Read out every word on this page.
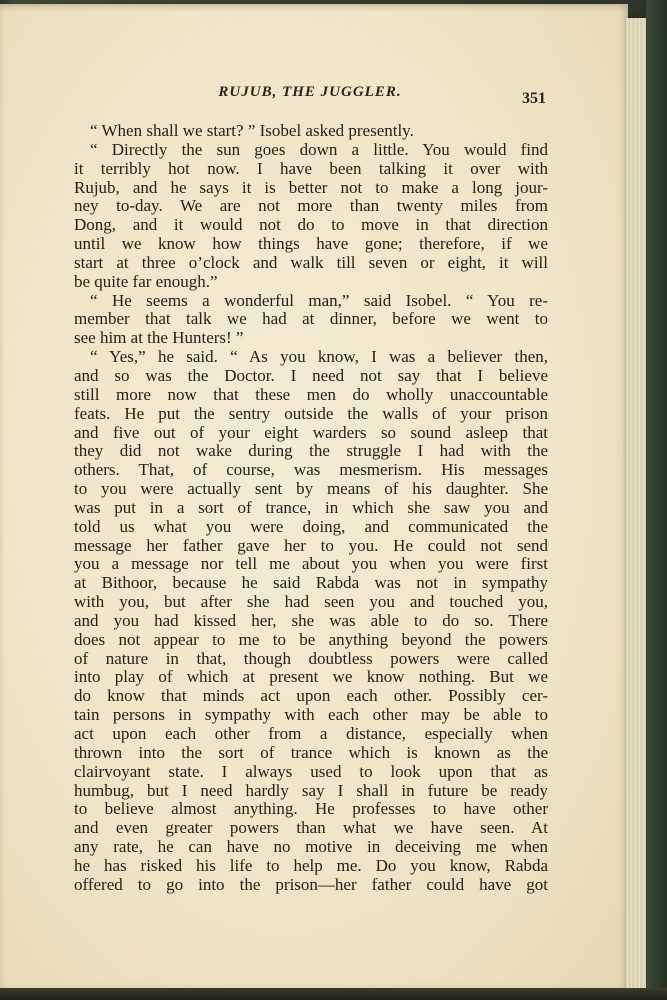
RUJUB, THE JUGGLER.	351
“ When shall we start? ” Isobel asked presently.
“ Directly the sun goes down a little. You would find
it terribly hot now. I have been talking it over with
Rujub, and he says it is better not to make a long jour-
ney to-day. We are not more than twenty miles from
Dong, and it would not do to move in that direction
until we know how things have gone; therefore, if we
start at three o’clock and walk till seven or eight, it will
be quite far enough.”
“ He seems a wonderful man,” said Isobel. “ You re-
member that talk we had at dinner, before we went to
see him at the Hunters! ”
“ Yes,” he said. “ As you know, I was a believer then,
and so was the Doctor. I need not say that I believe
still more now that these men do wholly unaccountable
feats. He put the sentry outside the walls of your prison
and five out of your eight warders so sound asleep that
they did not wake during the struggle I had with the
others. That, of course, was mesmerism. His messages
to you were actually sent by means of his daughter. She
was put in a sort of trance, in which she saw you and
told us what you were doing, and communicated the
message her father gave her to you. He could not send
you a message nor tell me about you when you were first
at Bithoor, because he said Rabda was not in sympathy
with you, but after she had seen you and touched you,
and you had kissed her, she was able to do so. There
does not appear to me to be anything beyond the powers
of nature in that, though doubtless powers were called
into play of which at present we know nothing. But we
do know that minds act upon each other. Possibly cer-
tain persons in sympathy with each other may be able to
act upon each other from a distance, especially when
thrown into the sort of trance which is known as the
clairvoyant state. I always used to look upon that as
humbug, but I need hardly say I shall in future be ready
to believe almost anything. He professes to have other
and even greater powers than what we have seen. At
any rate, he can have no motive in deceiving me when
he has risked his life to help me. Do you know, Rabda
offered to go into the prison—her father could have got
